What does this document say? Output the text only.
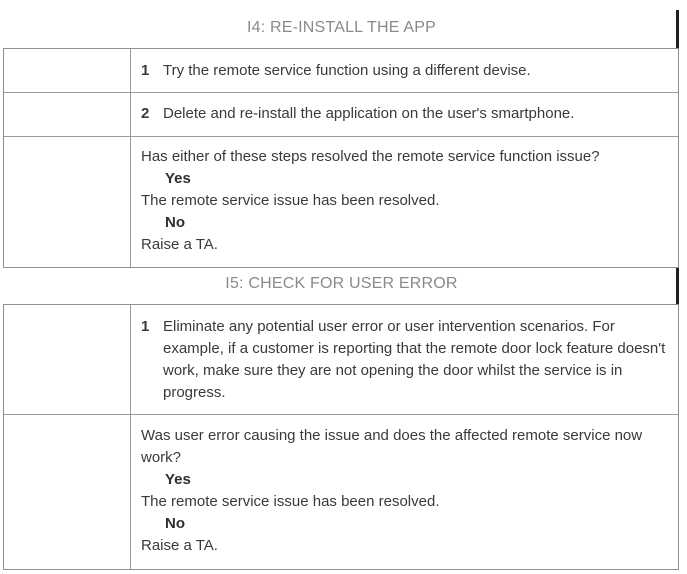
I4: RE-INSTALL THE APP
1 Try the remote service function using a different devise.
2 Delete and re-install the application on the user's smartphone.
Has either of these steps resolved the remote service function issue?
Yes
The remote service issue has been resolved.
No
Raise a TA.
I5: CHECK FOR USER ERROR
1 Eliminate any potential user error or user intervention scenarios. For example, if a customer is reporting that the remote door lock feature doesn't work, make sure they are not opening the door whilst the service is in progress.
Was user error causing the issue and does the affected remote service now work?
Yes
The remote service issue has been resolved.
No
Raise a TA.
